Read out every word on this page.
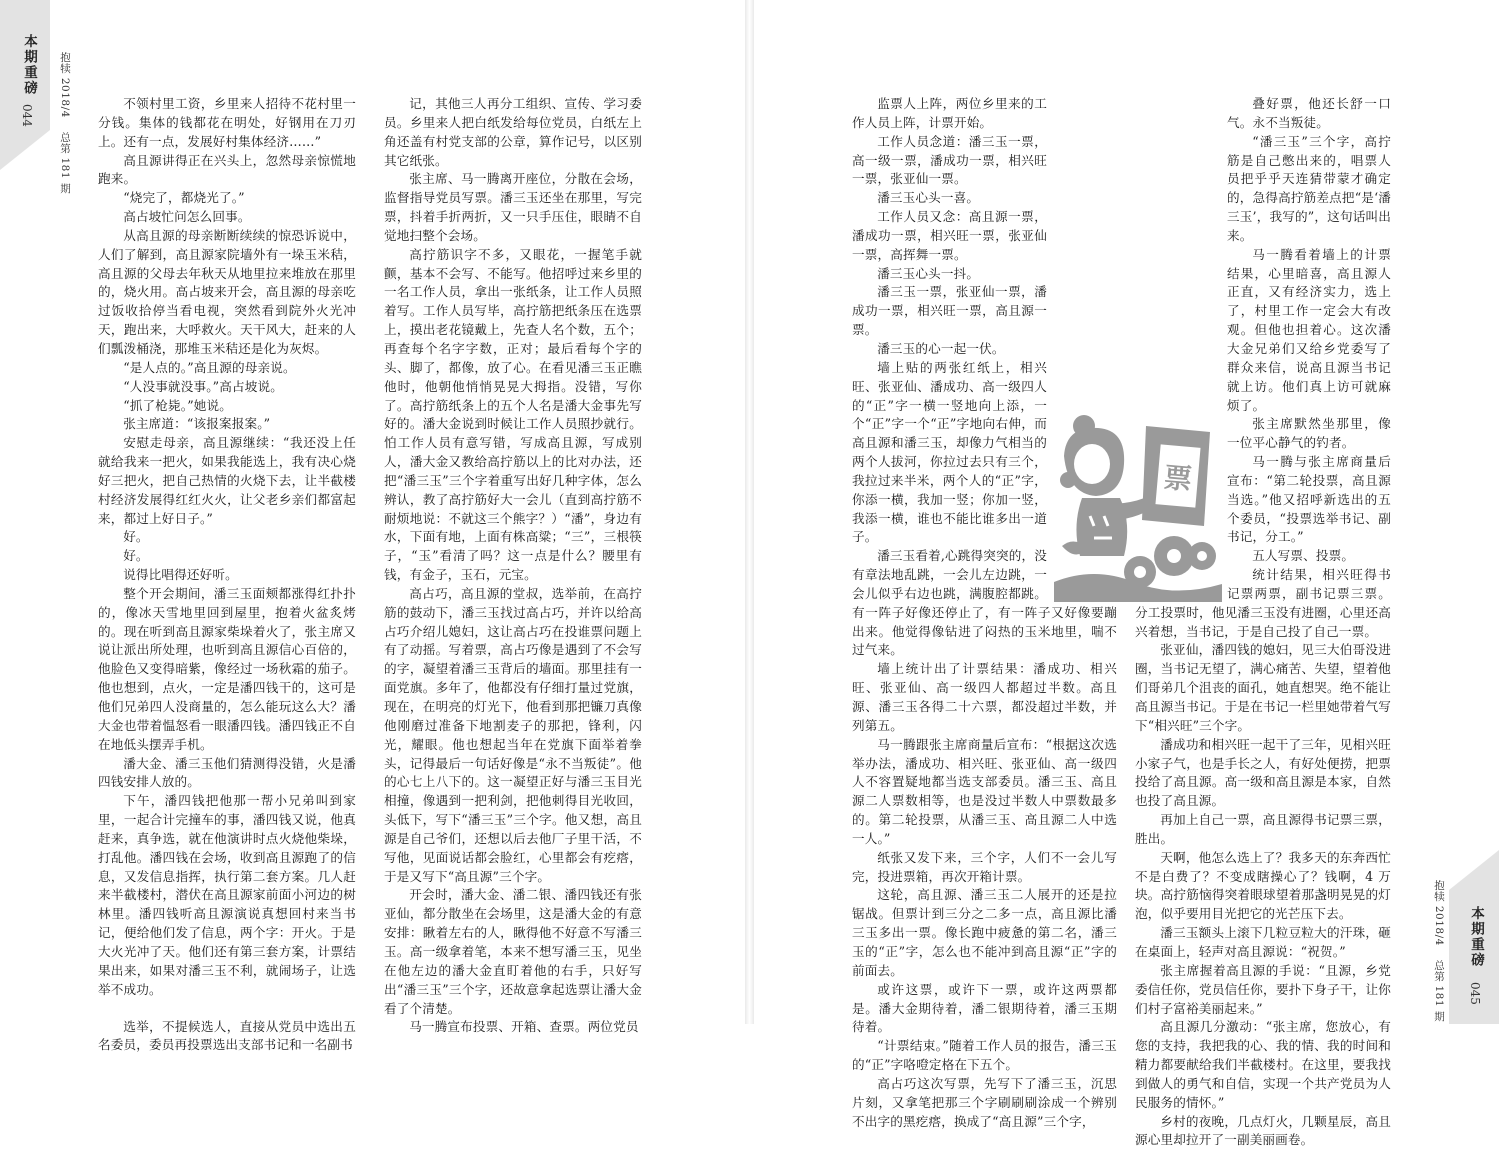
本期重磅
044
抱犊 2018/4 总第 181 期

不领村里工资，乡里来人招待不花村里一分钱。集体的钱都花在明处，好钢用在刀刃上。还有一点，发展好村集体经济……”

高且源讲得正在兴头上，忽然母亲惊慌地跑来。

“烧完了，都烧光了。”

高占坡忙问怎么回事。

从高且源的母亲断断续续的惊恐诉说中，人们了解到，高且源家院墙外有一垛玉米秸，高且源的父母去年秋天从地里拉来堆放在那里的，烧火用。高占坡来开会，高且源的母亲吃过饭收拾停当看电视，突然看到院外火光冲天，跑出来，大呼救火。天干风大，赶来的人们瓢泼桶浇，那堆玉米秸还是化为灰烬。

“是人点的。”高且源的母亲说。

“人没事就没事。”高占坡说。

“抓了枪毙。”她说。

张主席道：“该报案报案。”

安慰走母亲，高且源继续：“我还没上任就给我来一把火，如果我能选上，我有决心烧好三把火，把自己热情的火烧下去，让半截楼村经济发展得红红火火，让父老乡亲们都富起来，都过上好日子。”

好。

好。

说得比唱得还好听。

整个开会期间，潘三玉面颊都涨得红扑扑的，像冰天雪地里回到屋里，抱着火盆炙烤的。现在听到高且源家柴垛着火了，张主席又说让派出所处理，也听到高且源信心百倍的，他脸色又变得暗紫，像经过一场秋霜的茄子。他也想到，点火，一定是潘四钱干的，这可是他们兄弟四人没商量的，怎么能玩这么大？潘大金也带着愠怒看一眼潘四钱。潘四钱正不自在地低头摆弄手机。

潘大金、潘三玉他们猜测得没错，火是潘四钱安排人放的。

下午，潘四钱把他那一帮小兄弟叫到家里，一起合计完撞车的事，潘四钱又说，他真赶来，真争选，就在他演讲时点火烧他柴垛，打乱他。潘四钱在会场，收到高且源跑了的信息，又发信息指挥，执行第二套方案。几人赶来半截楼村，潜伏在高且源家前面小河边的树林里。潘四钱听高且源演说真想回村来当书记，便给他们发了信息，两个字：开火。于是大火光冲了天。他们还有第三套方案，计票结果出来，如果对潘三玉不利，就闹场子，让选举不成功。

选举，不提候选人，直接从党员中选出五名委员，委员再投票选出支部书记和一名副书

记，其他三人再分工组织、宣传、学习委员。乡里来人把白纸发给每位党员，白纸左上角还盖有村党支部的公章，算作记号，以区别其它纸张。

张主席、马一腾离开座位，分散在会场，监督指导党员写票。潘三玉还坐在那里，写完票，抖着手折两折，又一只手压住，眼睛不自觉地扫整个会场。

高拧筋识字不多，又眼花，一握笔手就颤，基本不会写、不能写。他招呼过来乡里的一名工作人员，拿出一张纸条，让工作人员照着写。工作人员写毕，高拧筋把纸条压在选票上，摸出老花镜戴上，先查人名个数，五个；再查每个名字字数，正对；最后看每个字的头、脚了，都像，放了心。在看见潘三玉正瞧他时，他朝他悄悄晃晃大拇指。没错，写你了。高拧筋纸条上的五个人名是潘大金事先写好的。潘大金说到时候让工作人员照抄就行。怕工作人员有意写错，写成高且源，写成别人，潘大金又教给高拧筋以上的比对办法，还把“潘三玉”三个字着重写出好几种字体，怎么辨认，教了高拧筋好大一会儿（直到高拧筋不耐烦地说：不就这三个熊字？）“潘”，身边有水，下面有地，上面有株高粱；“三”，三根筷子，“玉”看清了吗？这一点是什么？腰里有钱，有金子，玉石，元宝。

高占巧，高且源的堂叔，选举前，在高拧筋的鼓动下，潘三玉找过高占巧，并许以给高占巧介绍儿媳妇，这让高占巧在投谁票问题上有了动摇。写着票，高占巧像是遇到了不会写的字，凝望着潘三玉背后的墙面。那里挂有一面党旗。多年了，他都没有仔细打量过党旗，现在，在明亮的灯光下，他看到那把镰刀真像他刚磨过准备下地割麦子的那把，锋利，闪光，耀眼。他也想起当年在党旗下面举着拳头，记得最后一句话好像是“永不当叛徒”。他的心七上八下的。这一凝望正好与潘三玉目光相撞，像遇到一把利剑，把他刺得目光收回，头低下，写下“潘三玉”三个字。他又想，高且源是自己爷们，还想以后去他厂子里干活，不写他，见面说话都会脸红，心里都会有疙瘩，于是又写下“高且源”三个字。

开会时，潘大金、潘二银、潘四钱还有张亚仙，都分散坐在会场里，这是潘大金的有意安排：瞅着左右的人，瞅得他不好意不写潘三玉。高一级拿着笔，本来不想写潘三玉，见坐在他左边的潘大金直盯着他的右手，只好写出“潘三玉”三个字，还故意拿起选票让潘大金看了个清楚。

马一腾宣布投票、开箱、查票。两位党员

监票人上阵，两位乡里来的工作人员上阵，计票开始。

工作人员念道：潘三玉一票，高一级一票，潘成功一票，相兴旺一票，张亚仙一票。

潘三玉心头一喜。

工作人员又念：高且源一票，潘成功一票，相兴旺一票，张亚仙一票，高挥舞一票。

潘三玉心头一抖。

潘三玉一票，张亚仙一票，潘成功一票，相兴旺一票，高且源一票。

潘三玉的心一起一伏。

墙上贴的两张红纸上，相兴旺、张亚仙、潘成功、高一级四人的“正”字一横一竖地向上添，一个“正”字一个“正”字地向右伸，而高且源和潘三玉，却像力气相当的两个人拔河，你拉过去只有三个，我拉过来半米，两个人的“正”字，你添一横，我加一竖；你加一竖，我添一横，谁也不能比谁多出一道子。

潘三玉看着,心跳得突突的，没有章法地乱跳，一会儿左边跳，一会儿似乎右边也跳，满腹腔都跳。有一阵子好像还停止了，有一阵子又好像要蹦出来。他觉得像钻进了闷热的玉米地里，喘不过气来。

墙上统计出了计票结果：潘成功、相兴旺、张亚仙、高一级四人都超过半数。高且源、潘三玉各得二十六票，都没超过半数，并列第五。

马一腾跟张主席商量后宣布：“根据这次选举办法，潘成功、相兴旺、张亚仙、高一级四人不容置疑地都当选支部委员。潘三玉、高且源二人票数相等，也是没过半数人中票数最多的。第二轮投票，从潘三玉、高且源二人中选一人。”

纸张又发下来，三个字，人们不一会儿写完，投进票箱，再次开箱计票。

这轮，高且源、潘三玉二人展开的还是拉锯战。但票计到三分之二多一点，高且源比潘三玉多出一票。像长跑中疲惫的第二名，潘三玉的“正”字，怎么也不能冲到高且源“正”字的前面去。

或许这票，或许下一票，或许这两票都是。潘大金期待着，潘二银期待着，潘三玉期待着。

“计票结束。”随着工作人员的报告，潘三玉的“正”字咯噔定格在下五个。

高占巧这次写票，先写下了潘三玉，沉思片刻，又拿笔把那三个字刷刷刷涂成一个辨别不出字的黑疙瘩，换成了“高且源”三个字，

叠好票，他还长舒一口气。永不当叛徒。

“潘三玉”三个字，高拧筋是自己憋出来的，唱票人员把乎乎天连猜带蒙才确定的，急得高拧筋差点把“是‘潘三玉’，我写的”，这句话叫出来。

马一腾看着墙上的计票结果，心里暗喜，高且源人正直，又有经济实力，选上了，村里工作一定会大有改观。但他也担着心。这次潘大金兄弟们又给乡党委写了群众来信，说高且源当书记就上访。他们真上访可就麻烦了。

张主席默然坐那里，像一位平心静气的钓者。

马一腾与张主席商量后宣布：“第二轮投票，高且源当选。”他又招呼新选出的五个委员，“投票选举书记、副书记，分工。”

五人写票、投票。

统计结果，相兴旺得书记票两票，副书记票三票。分工投票时，他见潘三玉没有进圈，心里还高兴着想，当书记，于是自己投了自己一票。

张亚仙，潘四钱的媳妇，见三大伯哥没进圈，当书记无望了，满心痛苦、失望，望着他们哥弟几个沮丧的面孔，她直想哭。绝不能让高且源当书记。于是在书记一栏里她带着气写下“相兴旺”三个字。

潘成功和相兴旺一起干了三年，见相兴旺小家子气，也是手长之人，有好处便捞，把票投给了高且源。高一级和高且源是本家，自然也投了高且源。

再加上自己一票，高且源得书记票三票，胜出。

天啊，他怎么选上了？我多天的东奔西忙不是白费了？不变成瞎操心了？钱啊，4 万块。高拧筋恼得突着眼球望着那盏明晃晃的灯泡，似乎要用目光把它的光芒压下去。

潘三玉额头上滚下几粒豆粒大的汗珠，砸在桌面上，轻声对高且源说：“祝贺。”

张主席握着高且源的手说：“且源，乡党委信任你，党员信任你，要扑下身子干，让你们村子富裕美丽起来。”

高且源几分激动：“张主席，您放心，有您的支持，我把我的心、我的情、我的时间和精力都要献给我们半截楼村。在这里，要我找到做人的勇气和自信，实现一个共产党员为人民服务的情怀。”

乡村的夜晚，几点灯火，几颗星辰，高且源心里却拉开了一副美丽画卷。

票
抱犊 2018/4 总第 181 期
本期重磅
045
